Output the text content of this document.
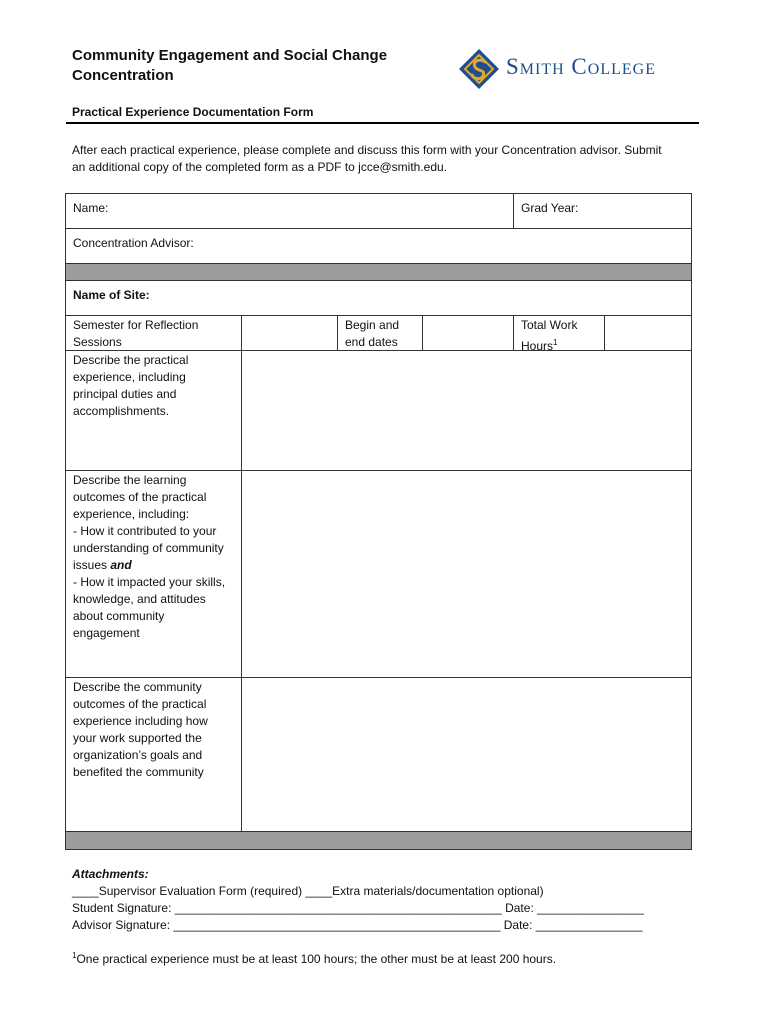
Community Engagement and Social Change
Concentration	Smith College
Practical Experience Documentation Form
After each practical experience, please complete and discuss this form with your Concentration advisor. Submit
an additional copy of the completed form as a PDF to jcce@smith.edu.
Name:	Grad Year:
Concentration Advisor:
Name of Site:
Semester for Reflection
Sessions
Begin and
end dates
Total Work
Hours$^1$
Describe the practical
experience, including
principal duties and
accomplishments.
Describe the learning
outcomes of the practical
experience, including:
- How it contributed to your
understanding of community
issues and
- How it impacted your skills,
knowledge, and attitudes
about community
engagement
Describe the community
outcomes of the practical
experience including how
your work supported the
organization’s goals and
benefited the community
Attachments:
____Supervisor Evaluation Form (required) ____Extra materials/documentation optional)
Student Signature: _________________________________________________ Date: ________________
Advisor Signature: _________________________________________________ Date: ________________
$^1$One practical experience must be at least 100 hours; the other must be at least 200 hours.
